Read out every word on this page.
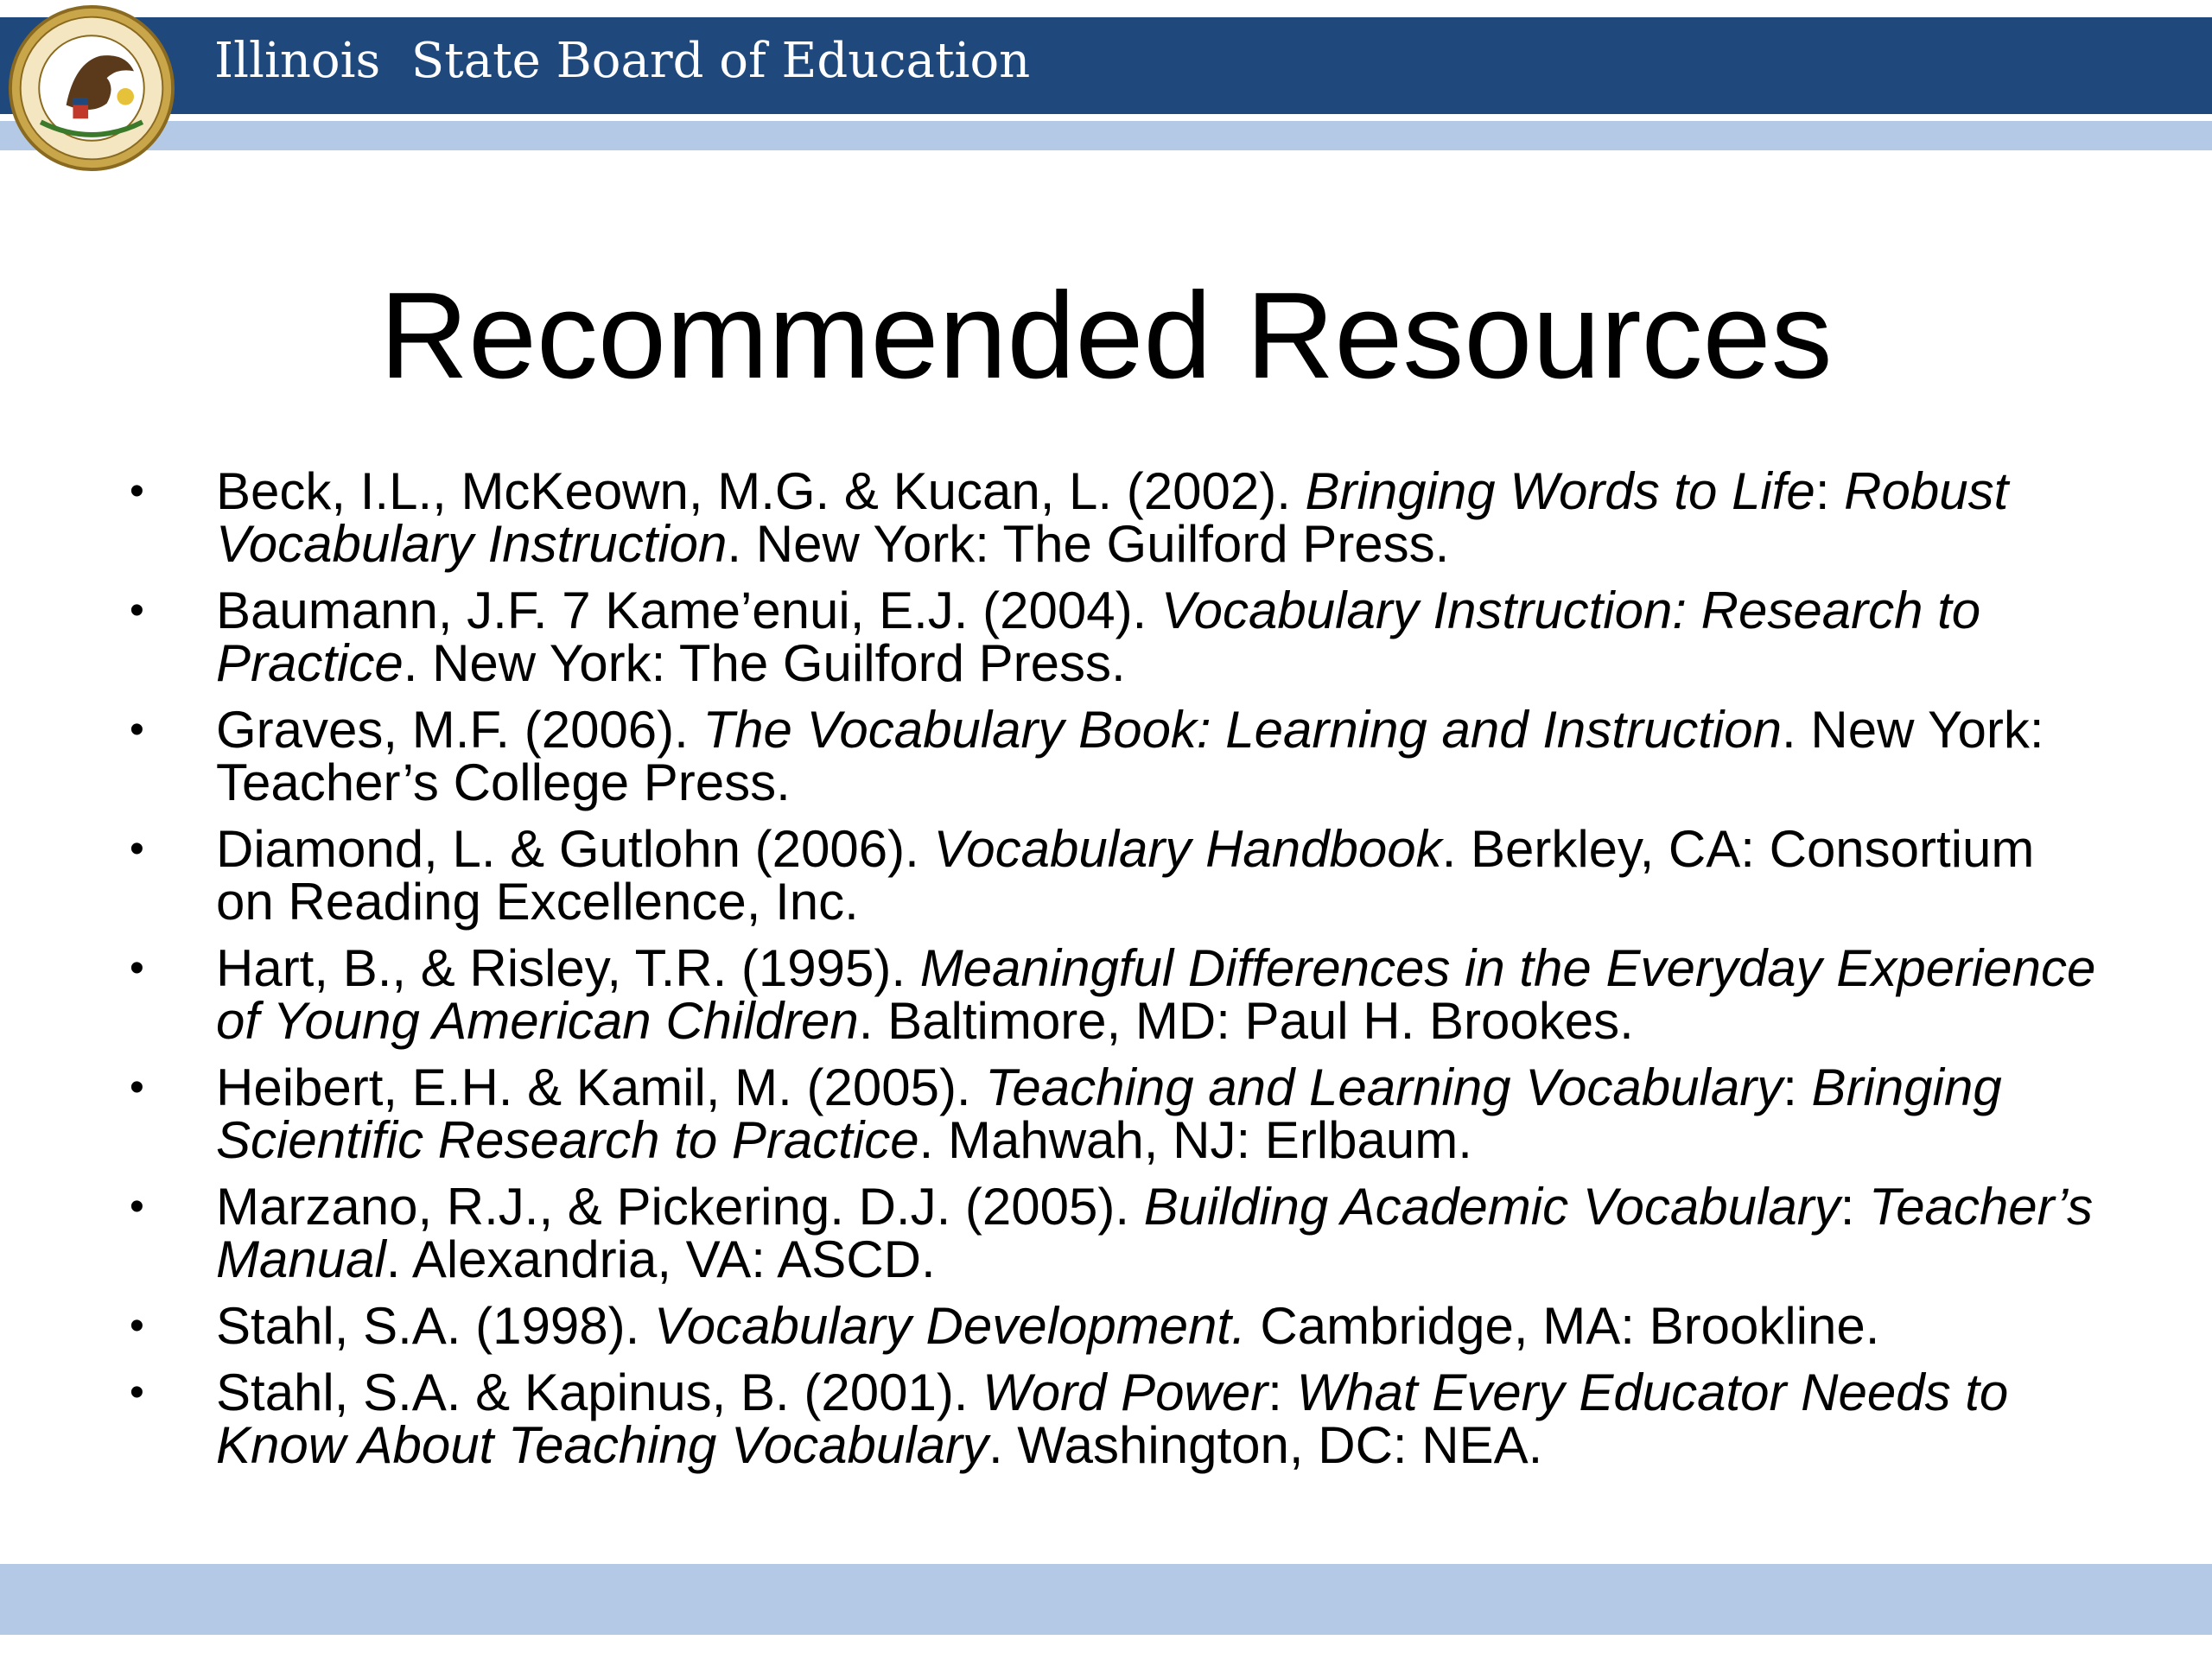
Illinois  State Board of Education
Recommended Resources
•	Beck, I.L., McKeown, M.G. & Kucan, L. (2002). Bringing Words to Life: Robust Vocabulary Instruction. New York: The Guilford Press.
•	Baumann, J.F. 7 Kame’enui, E.J. (2004). Vocabulary Instruction: Research to Practice. New York: The Guilford Press.
•	Graves, M.F. (2006). The Vocabulary Book: Learning and Instruction. New York: Teacher’s College Press.
•	Diamond, L. & Gutlohn (2006). Vocabulary Handbook. Berkley, CA: Consortium on Reading Excellence, Inc.
•	Hart, B., & Risley, T.R. (1995). Meaningful Differences in the Everyday Experience of Young American Children. Baltimore, MD: Paul H. Brookes.
•	Heibert, E.H. & Kamil, M. (2005). Teaching and Learning Vocabulary: Bringing Scientific Research to Practice. Mahwah, NJ: Erlbaum.
•	Marzano, R.J., & Pickering. D.J. (2005). Building Academic Vocabulary: Teacher’s Manual. Alexandria, VA: ASCD.
•	Stahl, S.A. (1998). Vocabulary Development. Cambridge, MA: Brookline.
•	Stahl, S.A. & Kapinus, B. (2001). Word Power: What Every Educator Needs to Know About Teaching Vocabulary. Washington, DC: NEA.
